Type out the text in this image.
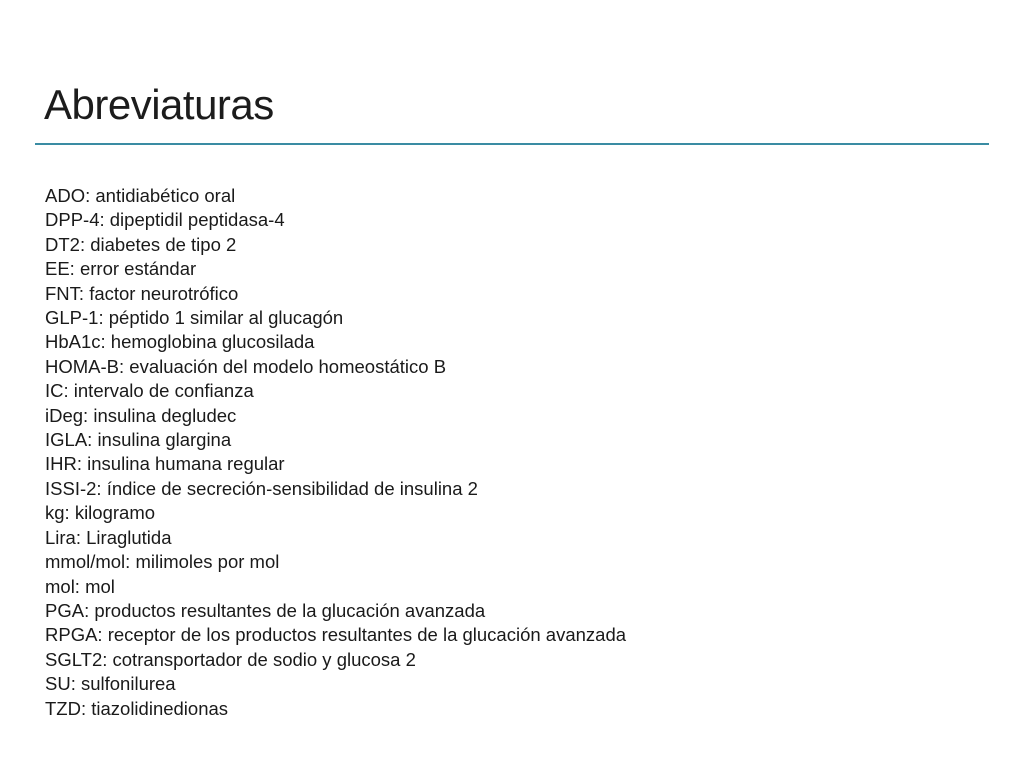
Abreviaturas
ADO: antidiabético oral
DPP-4: dipeptidil peptidasa-4
DT2: diabetes de tipo 2
EE: error estándar
FNT: factor neurotrófico
GLP-1: péptido 1 similar al glucagón
HbA1c: hemoglobina glucosilada
HOMA-B: evaluación del modelo homeostático B
IC: intervalo de confianza
iDeg: insulina degludec
IGLA: insulina glargina
IHR: insulina humana regular
ISSI-2: índice de secreción-sensibilidad de insulina 2
kg: kilogramo
Lira: Liraglutida
mmol/mol: milimoles por mol
mol: mol
PGA: productos resultantes de la glucación avanzada
RPGA: receptor de los productos resultantes de la glucación avanzada
SGLT2: cotransportador de sodio y glucosa 2
SU: sulfonilurea
TZD: tiazolidinedionas
